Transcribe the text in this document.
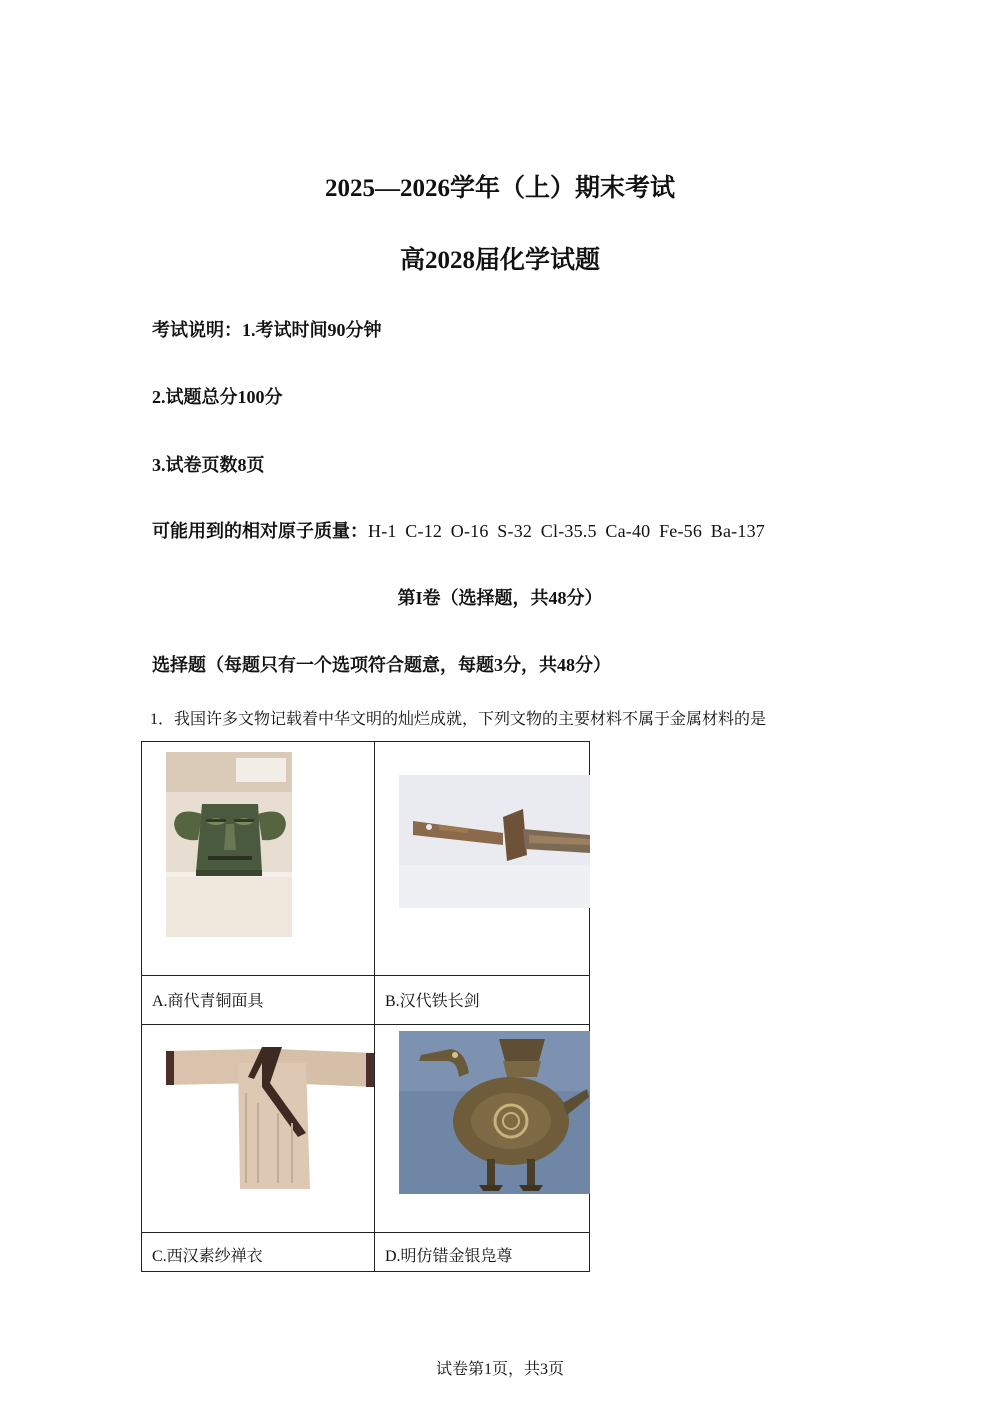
2025—2026学年（上）期末考试
高2028届化学试题
考试说明：1.考试时间90分钟
2.试题总分100分
3.试卷页数8页
可能用到的相对原子质量：H-1 C-12 O-16 S-32 Cl-35.5 Ca-40 Fe-56 Ba-137
第I卷（选择题，共48分）
选择题（每题只有一个选项符合题意，每题3分，共48分）
1．我国许多文物记载着中华文明的灿烂成就，下列文物的主要材料不属于金属材料的是

A.商代青铜面具	B.汉代铁长剑

C.西汉素纱禅衣	D.明仿错金银凫尊
试卷第1页，共3页
